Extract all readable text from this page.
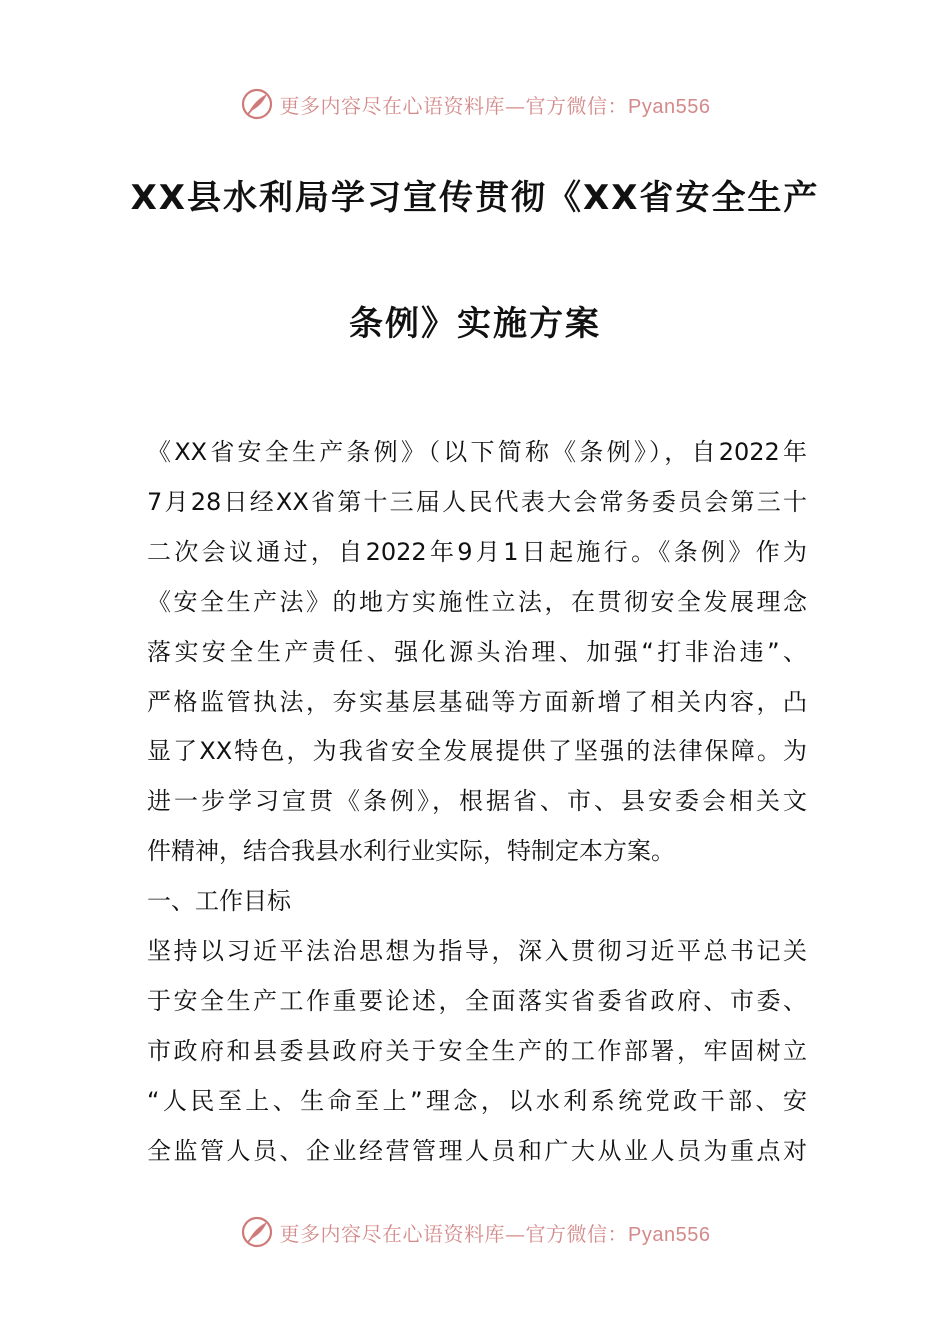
更多内容尽在心语资料库—官方微信：Pyan556
XX县水利局学习宣传贯彻《XX省安全生产
条例》实施方案

《XX省安全生产条例》（以下简称《条例》），自2022年

7月28日经XX省第十三届人民代表大会常务委员会第三十

二次会议通过，自2022年9月1日起施行。《条例》作为

《安全生产法》的地方实施性立法，在贯彻安全发展理念

落实安全生产责任、强化源头治理、加强“打非治违”、

严格监管执法，夯实基层基础等方面新增了相关内容，凸

显了XX特色，为我省安全发展提供了坚强的法律保障。为

进一步学习宣贯《条例》，根据省、市、县安委会相关文

件精神，结合我县水利行业实际，特制定本方案。

一、工作目标

坚持以习近平法治思想为指导，深入贯彻习近平总书记关

于安全生产工作重要论述，全面落实省委省政府、市委、

市政府和县委县政府关于安全生产的工作部署，牢固树立

“人民至上、生命至上”理念，以水利系统党政干部、安

全监管人员、企业经营管理人员和广大从业人员为重点对

更多内容尽在心语资料库—官方微信：Pyan556
